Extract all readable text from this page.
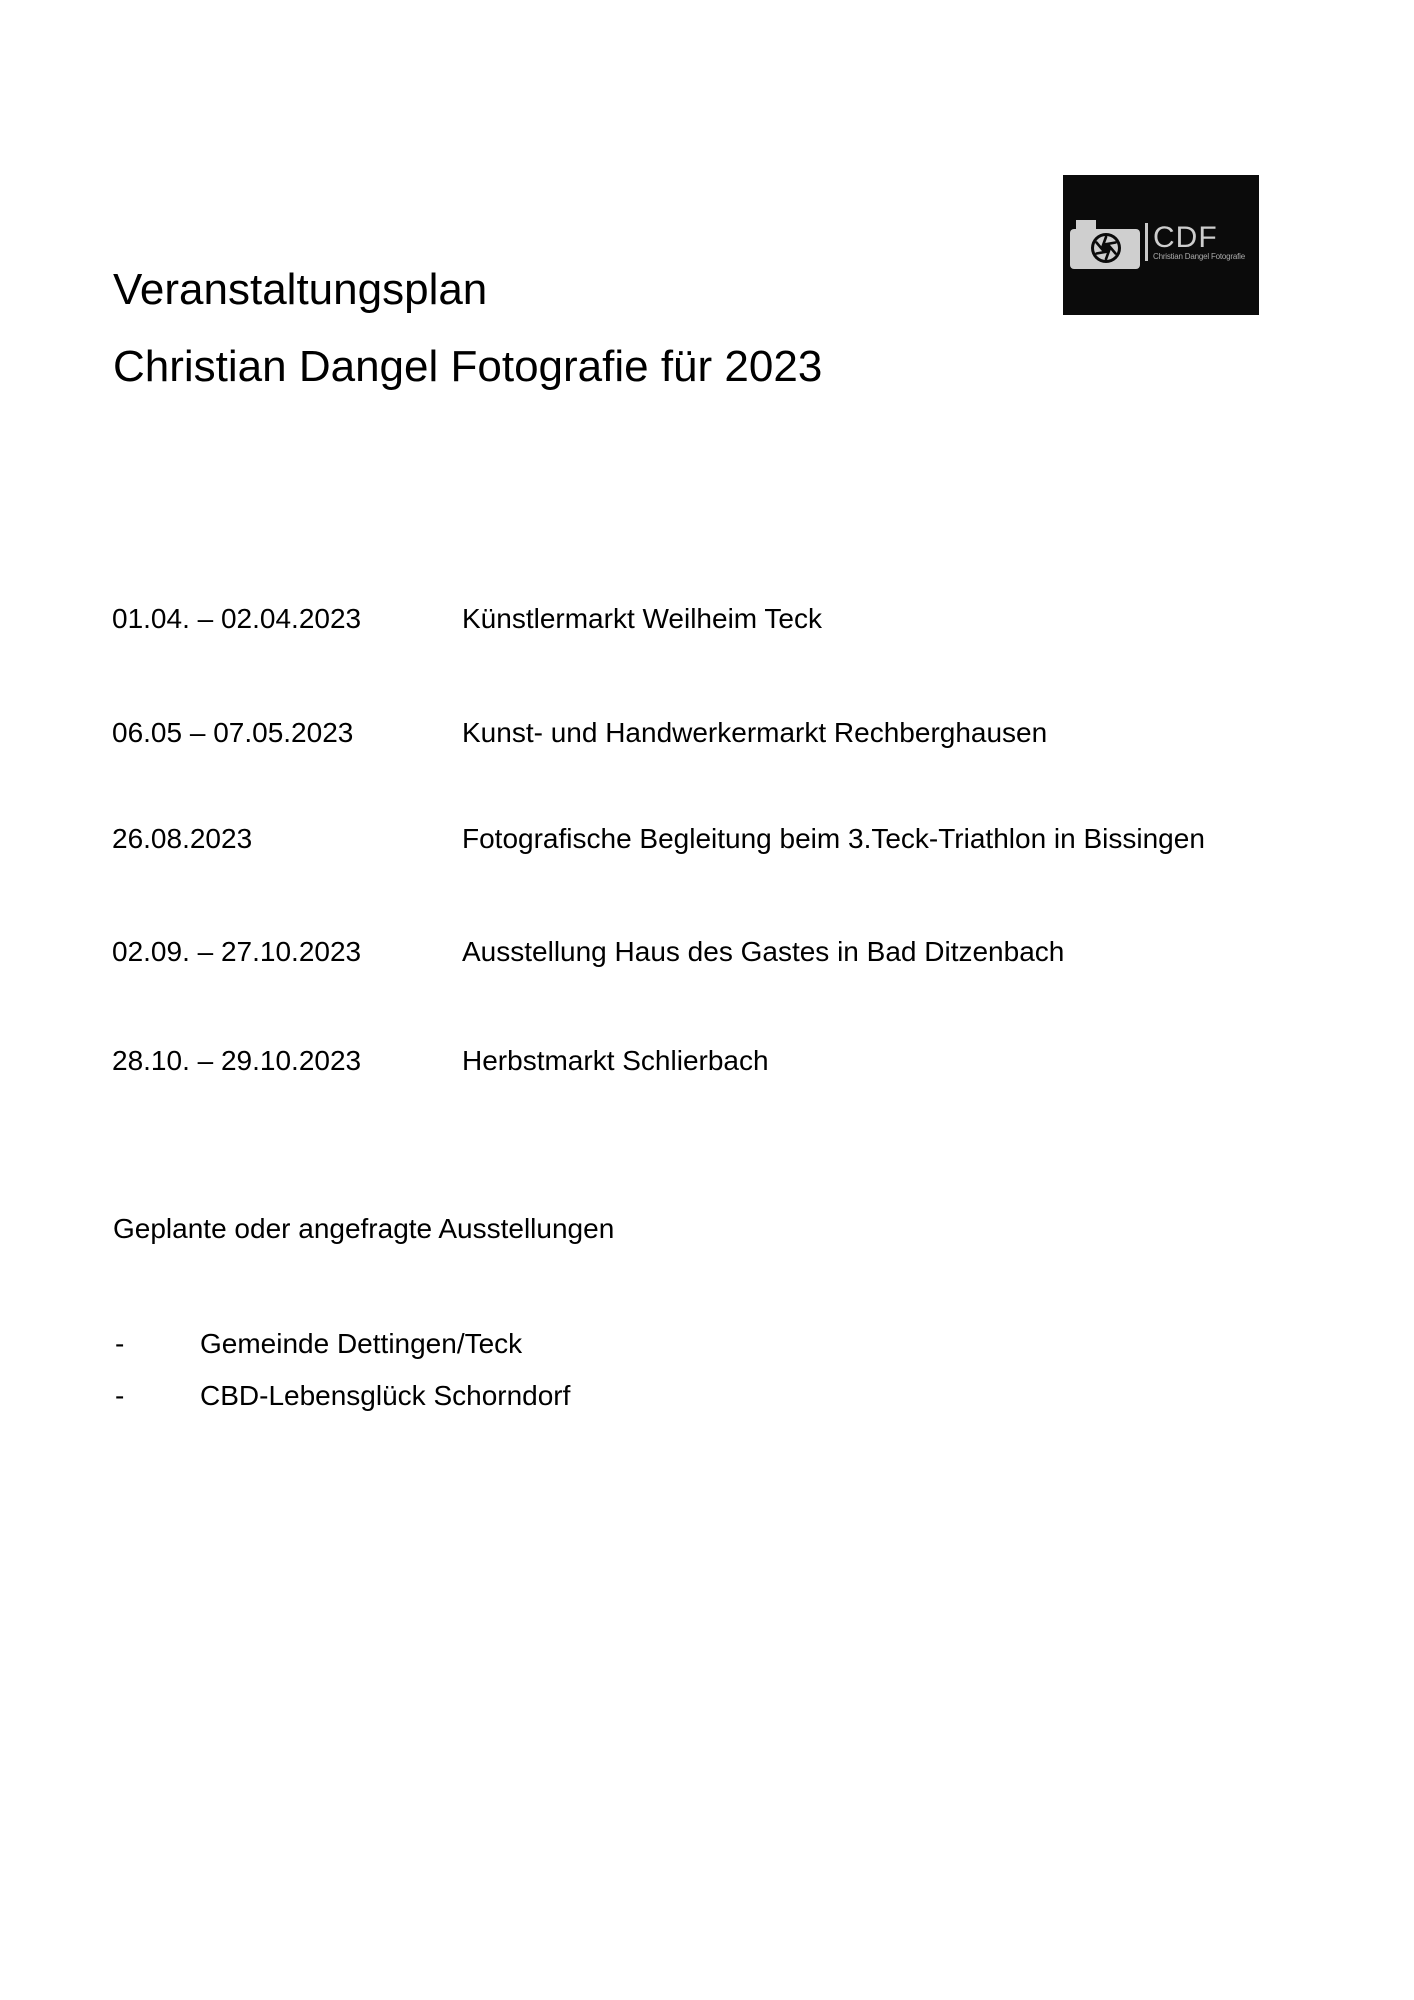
CDF
Christian Dangel Fotografie
Veranstaltungsplan
Christian Dangel Fotografie für 2023
01.04. – 02.04.2023	Künstlermarkt Weilheim Teck
06.05 – 07.05.2023	Kunst- und Handwerkermarkt Rechberghausen
26.08.2023	Fotografische Begleitung beim 3.Teck-Triathlon in Bissingen
02.09. – 27.10.2023	Ausstellung Haus des Gastes in Bad Ditzenbach
28.10. – 29.10.2023	Herbstmarkt Schlierbach
Geplante oder angefragte Ausstellungen
-	Gemeinde Dettingen/Teck
-	CBD-Lebensglück Schorndorf
